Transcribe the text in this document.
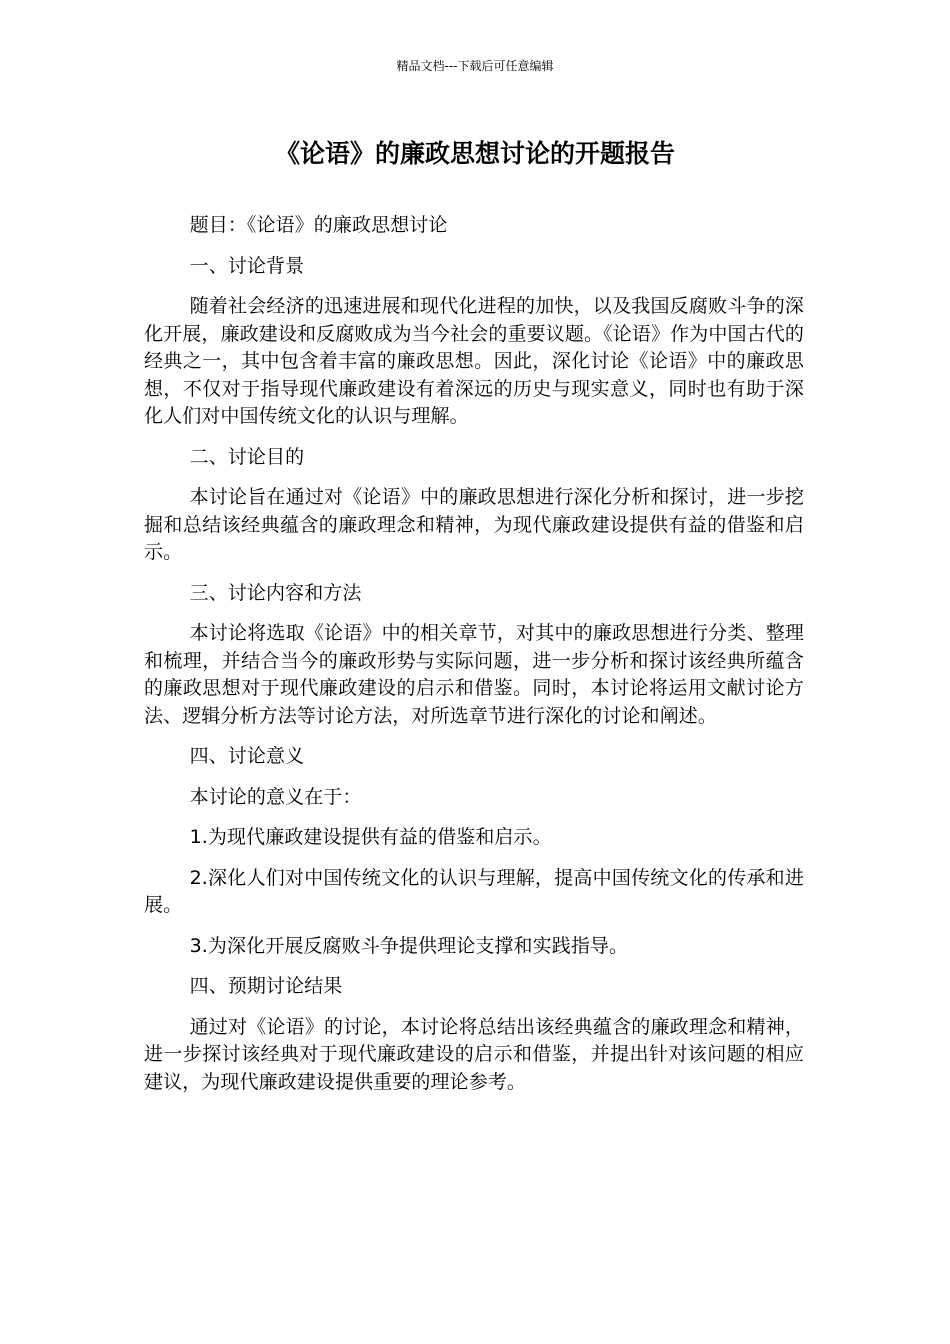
精品文档---下载后可任意编辑
《论语》的廉政思想讨论的开题报告

题目：《论语》的廉政思想讨论

一、讨论背景

随着社会经济的迅速进展和现代化进程的加快，以及我国反腐败斗争的深化开展，廉政建设和反腐败成为当今社会的重要议题。《论语》作为中国古代的经典之一，其中包含着丰富的廉政思想。因此，深化讨论《论语》中的廉政思想，不仅对于指导现代廉政建设有着深远的历史与现实意义，同时也有助于深化人们对中国传统文化的认识与理解。

二、讨论目的

本讨论旨在通过对《论语》中的廉政思想进行深化分析和探讨，进一步挖掘和总结该经典蕴含的廉政理念和精神，为现代廉政建设提供有益的借鉴和启示。

三、讨论内容和方法

本讨论将选取《论语》中的相关章节，对其中的廉政思想进行分类、整理和梳理，并结合当今的廉政形势与实际问题，进一步分析和探讨该经典所蕴含的廉政思想对于现代廉政建设的启示和借鉴。同时，本讨论将运用文献讨论方法、逻辑分析方法等讨论方法，对所选章节进行深化的讨论和阐述。

四、讨论意义

本讨论的意义在于：

1.为现代廉政建设提供有益的借鉴和启示。

2.深化人们对中国传统文化的认识与理解，提高中国传统文化的传承和进展。

3.为深化开展反腐败斗争提供理论支撑和实践指导。

四、预期讨论结果

通过对《论语》的讨论，本讨论将总结出该经典蕴含的廉政理念和精神，进一步探讨该经典对于现代廉政建设的启示和借鉴，并提出针对该问题的相应建议，为现代廉政建设提供重要的理论参考。
